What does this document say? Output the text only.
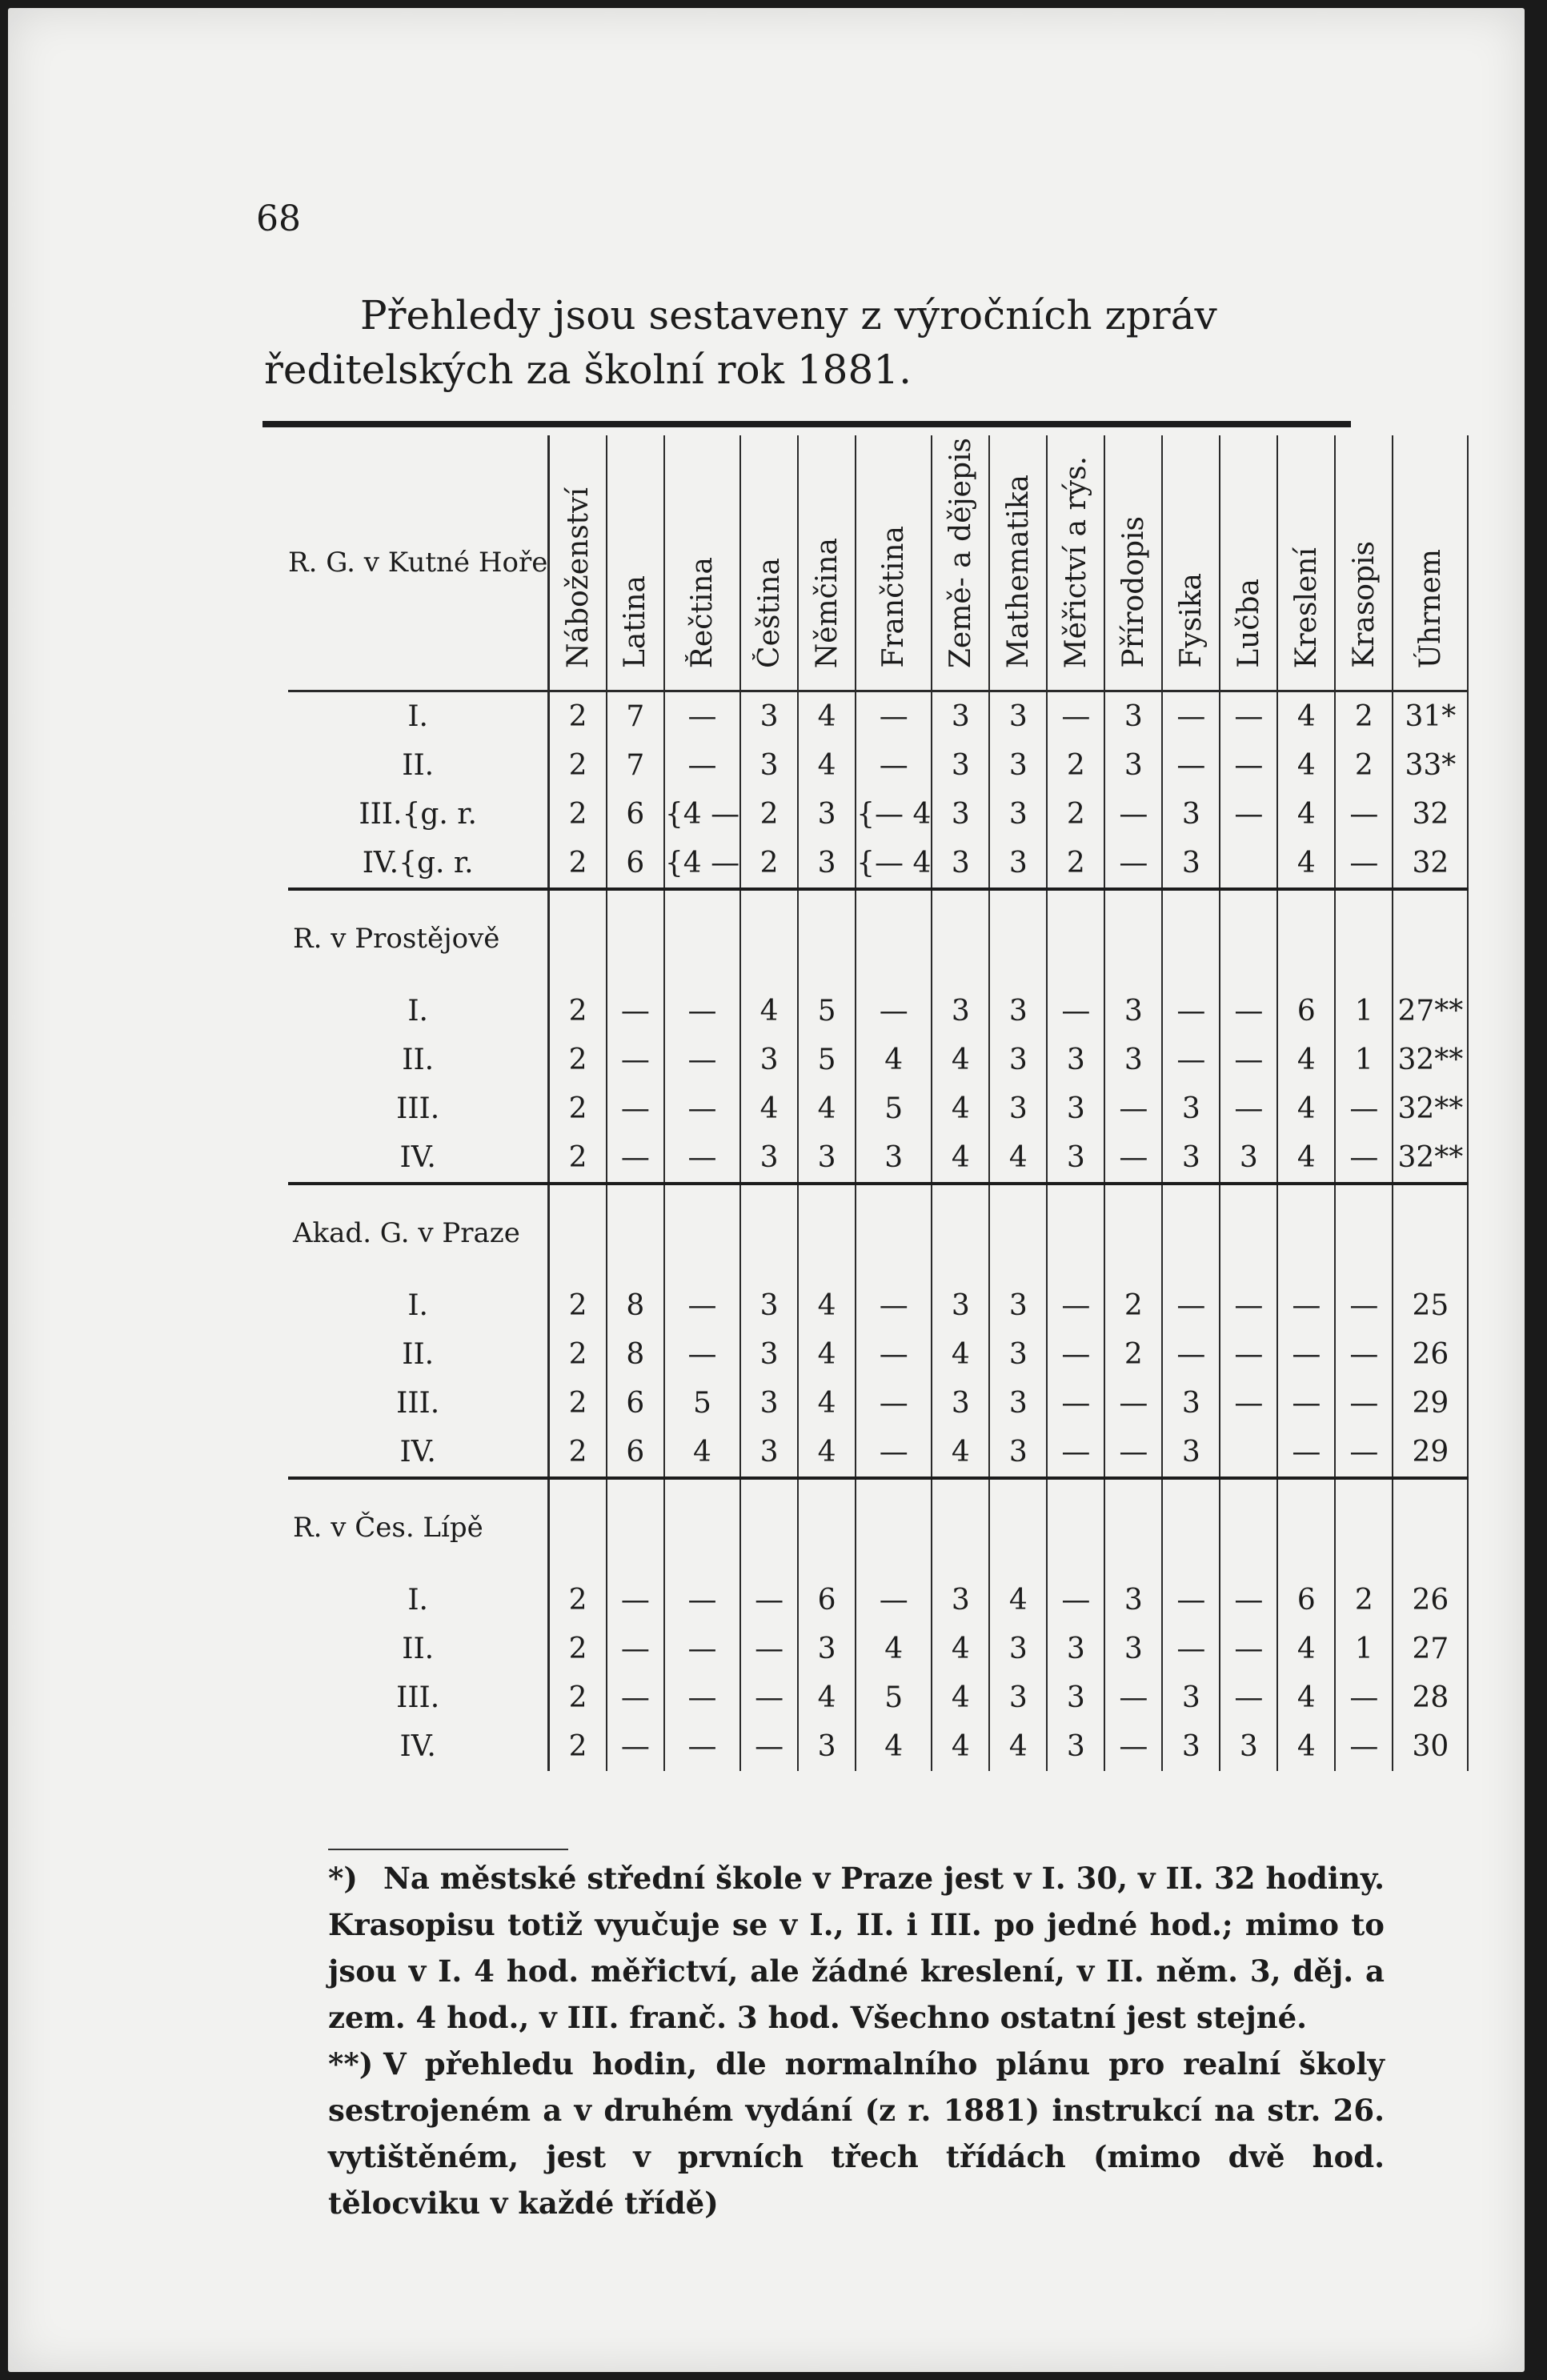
68
Přehledy jsou sestaveny z výročních zpráv ředitelských za školní rok 1881.
R. G. v Kutné Hoře	Náboženství	Latina	Řečtina	Čeština	Němčina	Frančtina	Země- a dějepis	Mathematika	Měřictví a rýs.	Přírodopis	Fysika	Lučba	Kreslení	Krasopis	Úhrnem
I.	2	7	—	3	4	—	3	3	—	3	—	—	4	2	31*
II.	2	7	—	3	4	—	3	3	2	3	—	—	4	2	33*
III.{g. r.	2	6	{4 —	2	3	{— 4	3	3	2	—	3	—	4	—	32
IV.{g. r.	2	6	{4 —	2	3	{— 4	3	3	2	—	3		4	—	32
R. v Prostějově															
I.	2	—	—	4	5	—	3	3	—	3	—	—	6	1	27**
II.	2	—	—	3	5	4	4	3	3	3	—	—	4	1	32**
III.	2	—	—	4	4	5	4	3	3	—	3	—	4	—	32**
IV.	2	—	—	3	3	3	4	4	3	—	3	3	4	—	32**
Akad. G. v Praze															
I.	2	8	—	3	4	—	3	3	—	2	—	—	—	—	25
II.	2	8	—	3	4	—	4	3	—	2	—	—	—	—	26
III.	2	6	5	3	4	—	3	3	—	—	3	—	—	—	29
IV.	2	6	4	3	4	—	4	3	—	—	3		—	—	29
R. v Čes. Lípě															
I.	2	—	—	—	6	—	3	4	—	3	—	—	6	2	26
II.	2	—	—	—	3	4	4	3	3	3	—	—	4	1	27
III.	2	—	—	—	4	5	4	3	3	—	3	—	4	—	28
IV.	2	—	—	—	3	4	4	4	3	—	3	3	4	—	30

*) Na městské střední škole v Praze jest v I. 30, v II. 32 hodiny. Krasopisu totiž vyučuje se v I., II. i III. po jedné hod.; mimo to jsou v I. 4 hod. měřictví, ale žádné kreslení, v II. něm. 3, děj. a zem. 4 hod., v III. franč. 3 hod. Všechno ostatní jest stejné.

**) V přehledu hodin, dle normalního plánu pro realní školy sestrojeném a v druhém vydání (z r. 1881) instrukcí na str. 26. vytištěném, jest v prvních třech třídách (mimo dvě hod. tělocviku v každé třídě)
